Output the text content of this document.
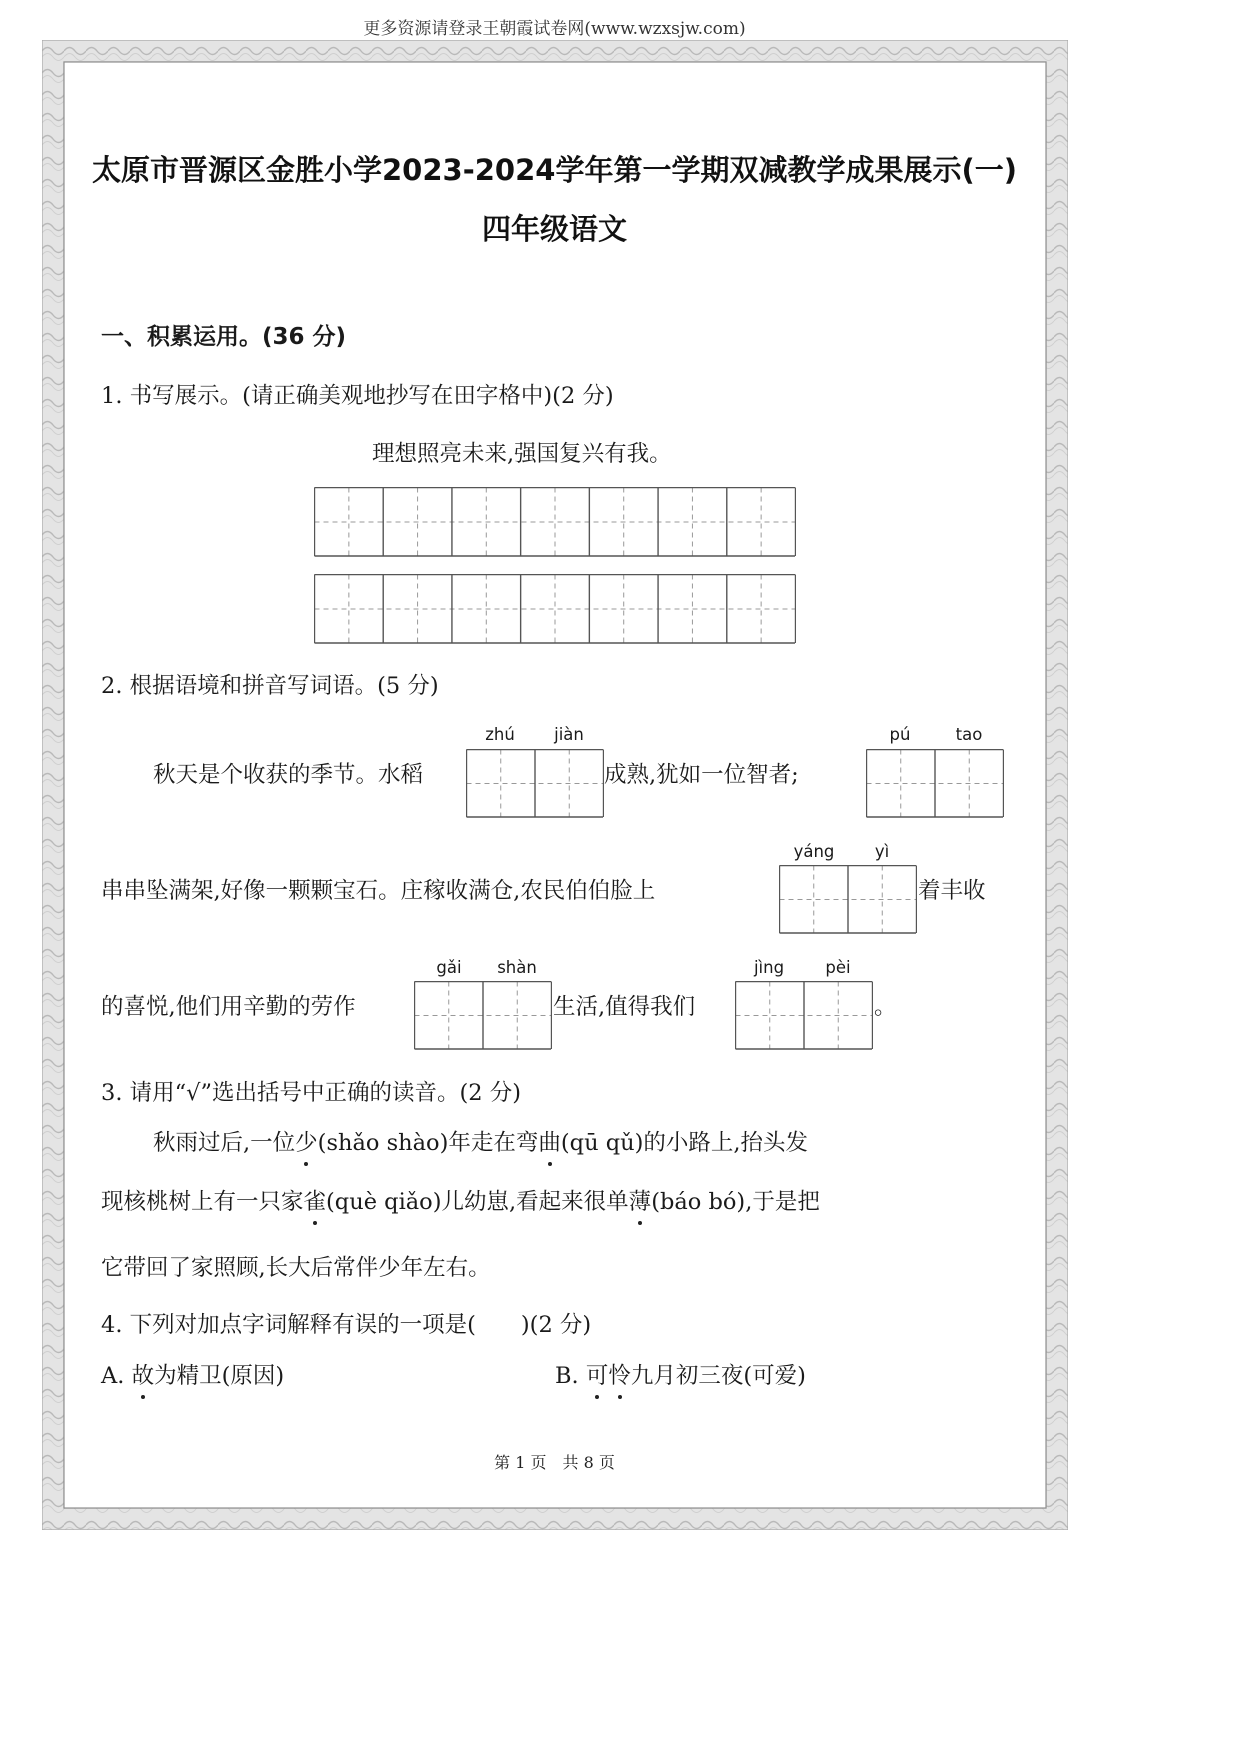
更多资源请登录王朝霞试卷网(www.wzxsjw.com)
太原市晋源区金胜小学2023-2024学年第一学期双减教学成果展示(一)
四年级语文
一、积累运用。(36 分)
1. 书写展示。(请正确美观地抄写在田字格中)(2 分)
理想照亮未来,强国复兴有我。
2. 根据语境和拼音写词语。(5 分)
zhú	jiàn	pú	tao
秋天是个收获的季节。水稻	成熟,犹如一位智者;
yáng	yì
串串坠满架,好像一颗颗宝石。庄稼收满仓,农民伯伯脸上	着丰收
gǎi	shàn	jìng	pèi
的喜悦,他们用辛勤的劳作	生活,值得我们	。
3. 请用“√”选出括号中正确的读音。(2 分)
秋雨过后,一位少(shǎo shào)年走在弯曲(qū qǔ)的小路上,抬头发
现核桃树上有一只家雀(què qiǎo)儿幼崽,看起来很单薄(báo bó),于是把
它带回了家照顾,长大后常伴少年左右。
4. 下列对加点字词解释有误的一项是(　　)(2 分)
A. 故为精卫(原因)	B. 可怜九月初三夜(可爱)
第 1 页　共 8 页
